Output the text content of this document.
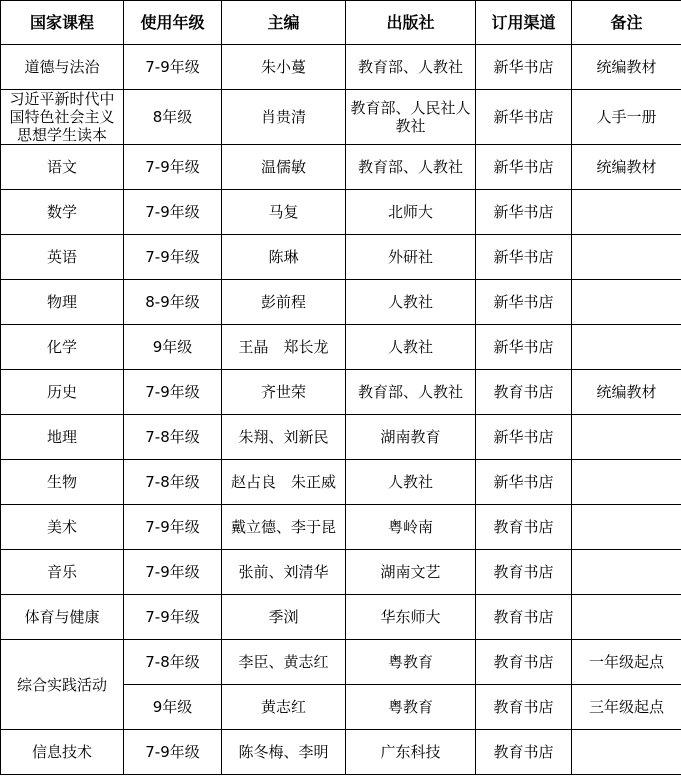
国家课程	使用年级	主编	出版社	订用渠道	备注
道德与法治	7-9年级	朱小蔓	教育部、人教社	新华书店	统编教材
习近平新时代中国特色社会主义思想学生读本	8年级	肖贵清	教育部、人民社人教社	新华书店	人手一册
语文	7-9年级	温儒敏	教育部、人教社	新华书店	统编教材
数学	7-9年级	马复	北师大	新华书店	
英语	7-9年级	陈琳	外研社	新华书店	
物理	8-9年级	彭前程	人教社	新华书店	
化学	9年级	王晶　郑长龙	人教社	新华书店	
历史	7-9年级	齐世荣	教育部、人教社	教育书店	统编教材
地理	7-8年级	朱翔、刘新民	湖南教育	新华书店	
生物	7-8年级	赵占良　朱正威	人教社	新华书店	
美术	7-9年级	戴立德、李于昆	粤岭南	教育书店	
音乐	7-9年级	张前、刘清华	湖南文艺	教育书店	
体育与健康	7-9年级	季浏	华东师大	教育书店	
综合实践活动	7-8年级	李臣、黄志红	粤教育	教育书店	一年级起点
	9年级	黄志红	粤教育	教育书店	三年级起点
信息技术	7-9年级	陈冬梅、李明	广东科技	教育书店	
